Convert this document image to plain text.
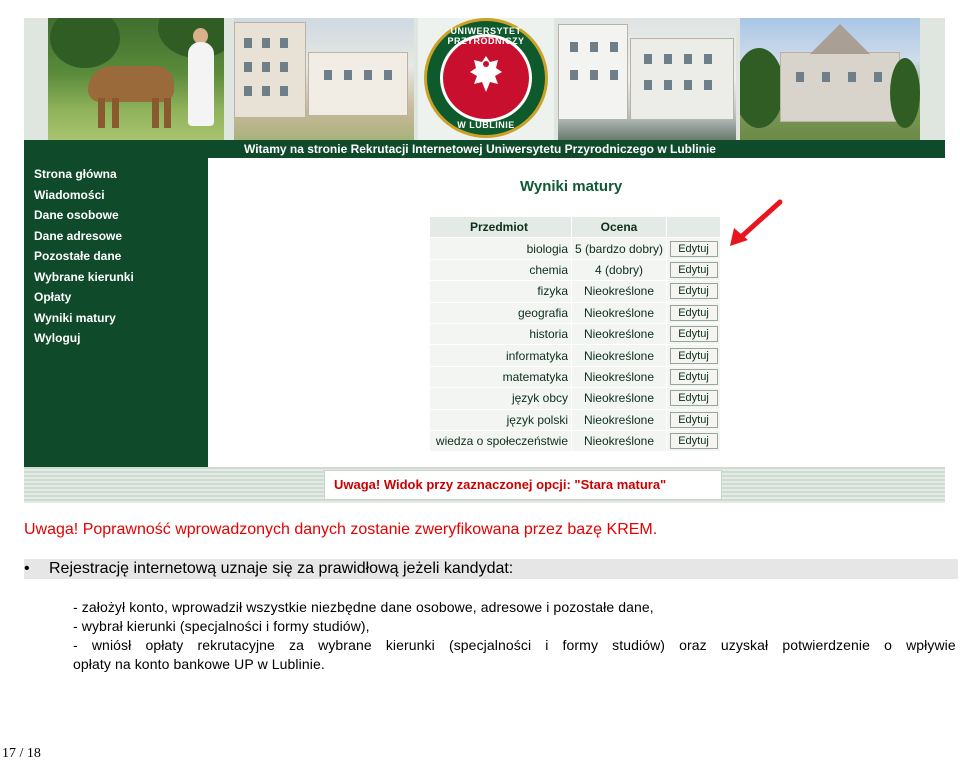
UNIWERSYTET PRZYRODNICZY
W LUBLINIE
Witamy na stronie Rekrutacji Internetowej Uniwersytetu Przyrodniczego w Lublinie
Strona główna
Wiadomości
Dane osobowe
Dane adresowe
Pozostałe dane
Wybrane kierunki
Opłaty
Wyniki matury
Wyloguj
Wyniki matury
Przedmiot	Ocena	
biologia	5 (bardzo dobry)	Edytuj
chemia	4 (dobry)	Edytuj
fizyka	Nieokreślone	Edytuj
geografia	Nieokreślone	Edytuj
historia	Nieokreślone	Edytuj
informatyka	Nieokreślone	Edytuj
matematyka	Nieokreślone	Edytuj
język obcy	Nieokreślone	Edytuj
język polski	Nieokreślone	Edytuj
wiedza o społeczeństwie	Nieokreślone	Edytuj
Uwaga! Widok przy zaznaczonej opcji: "Stara matura"
Uwaga! Poprawność wprowadzonych danych zostanie zweryfikowana przez bazę KREM.
• Rejestrację internetową uznaje się za prawidłową jeżeli kandydat:
- założył konto, wprowadził wszystkie niezbędne dane osobowe, adresowe i pozostałe dane,
- wybrał kierunki (specjalności i formy studiów),
- wniósł opłaty rekrutacyjne za wybrane kierunki (specjalności i formy studiów) oraz uzyskał potwierdzenie o wpływie
opłaty na konto bankowe UP w Lublinie.
17 / 18
